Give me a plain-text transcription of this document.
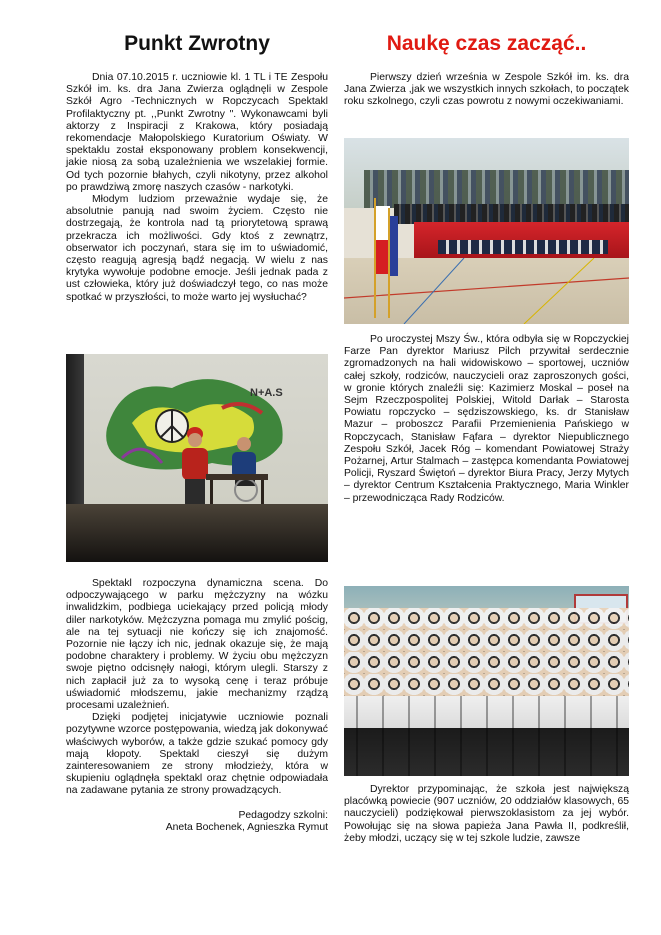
Punkt Zwrotny	Naukę czas zacząć..

Dnia 07.10.2015 r. uczniowie kl. 1 TL i TE Zespołu Szkół im. ks. dra Jana Zwierza oglądnęli w Zespole Szkół Agro -Technicznych w Ropczycach Spektakl Profilaktyczny pt. ,,Punkt Zwrotny ". Wykonawcami byli aktorzy z Inspiracji z Krakowa, który posiadają rekomendacje Małopolskiego Kuratorium Oświaty. W spektaklu został eksponowany problem konsekwencji, jakie niosą za sobą uzależnienia we wszelakiej formie. Od tych pozornie błahych, czyli nikotyny, przez alkohol po prawdziwą zmorę naszych czasów - narkotyki.

Młodym ludziom przeważnie wydaje się, że absolutnie panują nad swoim życiem. Często nie dostrzegają, że kontrola nad tą priorytetową sprawą przekracza ich możliwości. Gdy ktoś z zewnątrz, obserwator ich poczynań, stara się im to uświadomić, często reagują agresją bądź negacją. W wielu z nas krytyka wywołuje podobne emocje. Jeśli jednak pada z ust człowieka, który już doświadczył tego, co nas może spotkać w przyszłości, to może warto jej wysłuchać?

N+A.S

Spektakl rozpoczyna dynamiczna scena. Do odpoczywającego w parku mężczyzny na wózku inwalidzkim, podbiega uciekający przed policją młody diler narkotyków. Mężczyzna pomaga mu zmylić pościg, ale na tej sytuacji nie kończy się ich znajomość. Pozornie nie łączy ich nic, jednak okazuje się, że mają podobne charaktery i problemy. W życiu obu mężczyzn swoje piętno odcisnęły nałogi, którym ulegli. Starszy z nich zapłacił już za to wysoką cenę i teraz próbuje uświadomić młodszemu, jakie mechanizmy rządzą procesami uzależnień.

Dzięki podjętej inicjatywie uczniowie poznali pozytywne wzorce postępowania, wiedzą jak dokonywać właściwych wyborów, a także gdzie szukać pomocy gdy mają kłopoty. Spektakl cieszył się dużym zainteresowaniem ze strony młodzieży, która w skupieniu oglądnęła spektakl oraz chętnie odpowiadała na zadawane pytania ze strony prowadzących.

Pedagodzy szkolni:

Aneta Bochenek, Agnieszka Rymut

Pierwszy dzień września w Zespole Szkół im. ks. dra Jana Zwierza ,jak we wszystkich innych szkołach, to początek roku szkolnego, czyli czas powrotu z nowymi oczekiwaniami.

Po uroczystej Mszy Św., która odbyła się w Ropczyckiej Farze Pan dyrektor Mariusz Pilch przywitał serdecznie zgromadzonych na hali widowiskowo – sportowej, uczniów całej szkoły, rodziców, nauczycieli oraz zaproszonych gości, w gronie których znaleźli się: Kazimierz Moskal – poseł na Sejm Rzeczpospolitej Polskiej, Witold Darłak – Starosta Powiatu ropczycko – sędziszowskiego, ks. dr Stanisław Mazur – proboszcz Parafii Przemienienia Pańskiego w Ropczycach, Stanisław Fąfara – dyrektor Niepublicznego Zespołu Szkół, Jacek Róg – komendant Powiatowej Straży Pożarnej, Artur Stalmach – zastępca komendanta Powiatowej Policji, Ryszard Świętoń – dyrektor Biura Pracy, Jerzy Mytych – dyrektor Centrum Kształcenia Praktycznego, Maria Winkler – przewodnicząca Rady Rodziców.

Dyrektor przypominając, że szkoła jest największą placówką powiecie (907 uczniów, 20 oddziałów klasowych, 65 nauczycieli) podziękował pierwszoklasistom za jej wybór. Powołując się na słowa papieża Jana Pawła II, podkreślił, żeby młodzi, uczący się w tej szkole ludzie, zawsze
